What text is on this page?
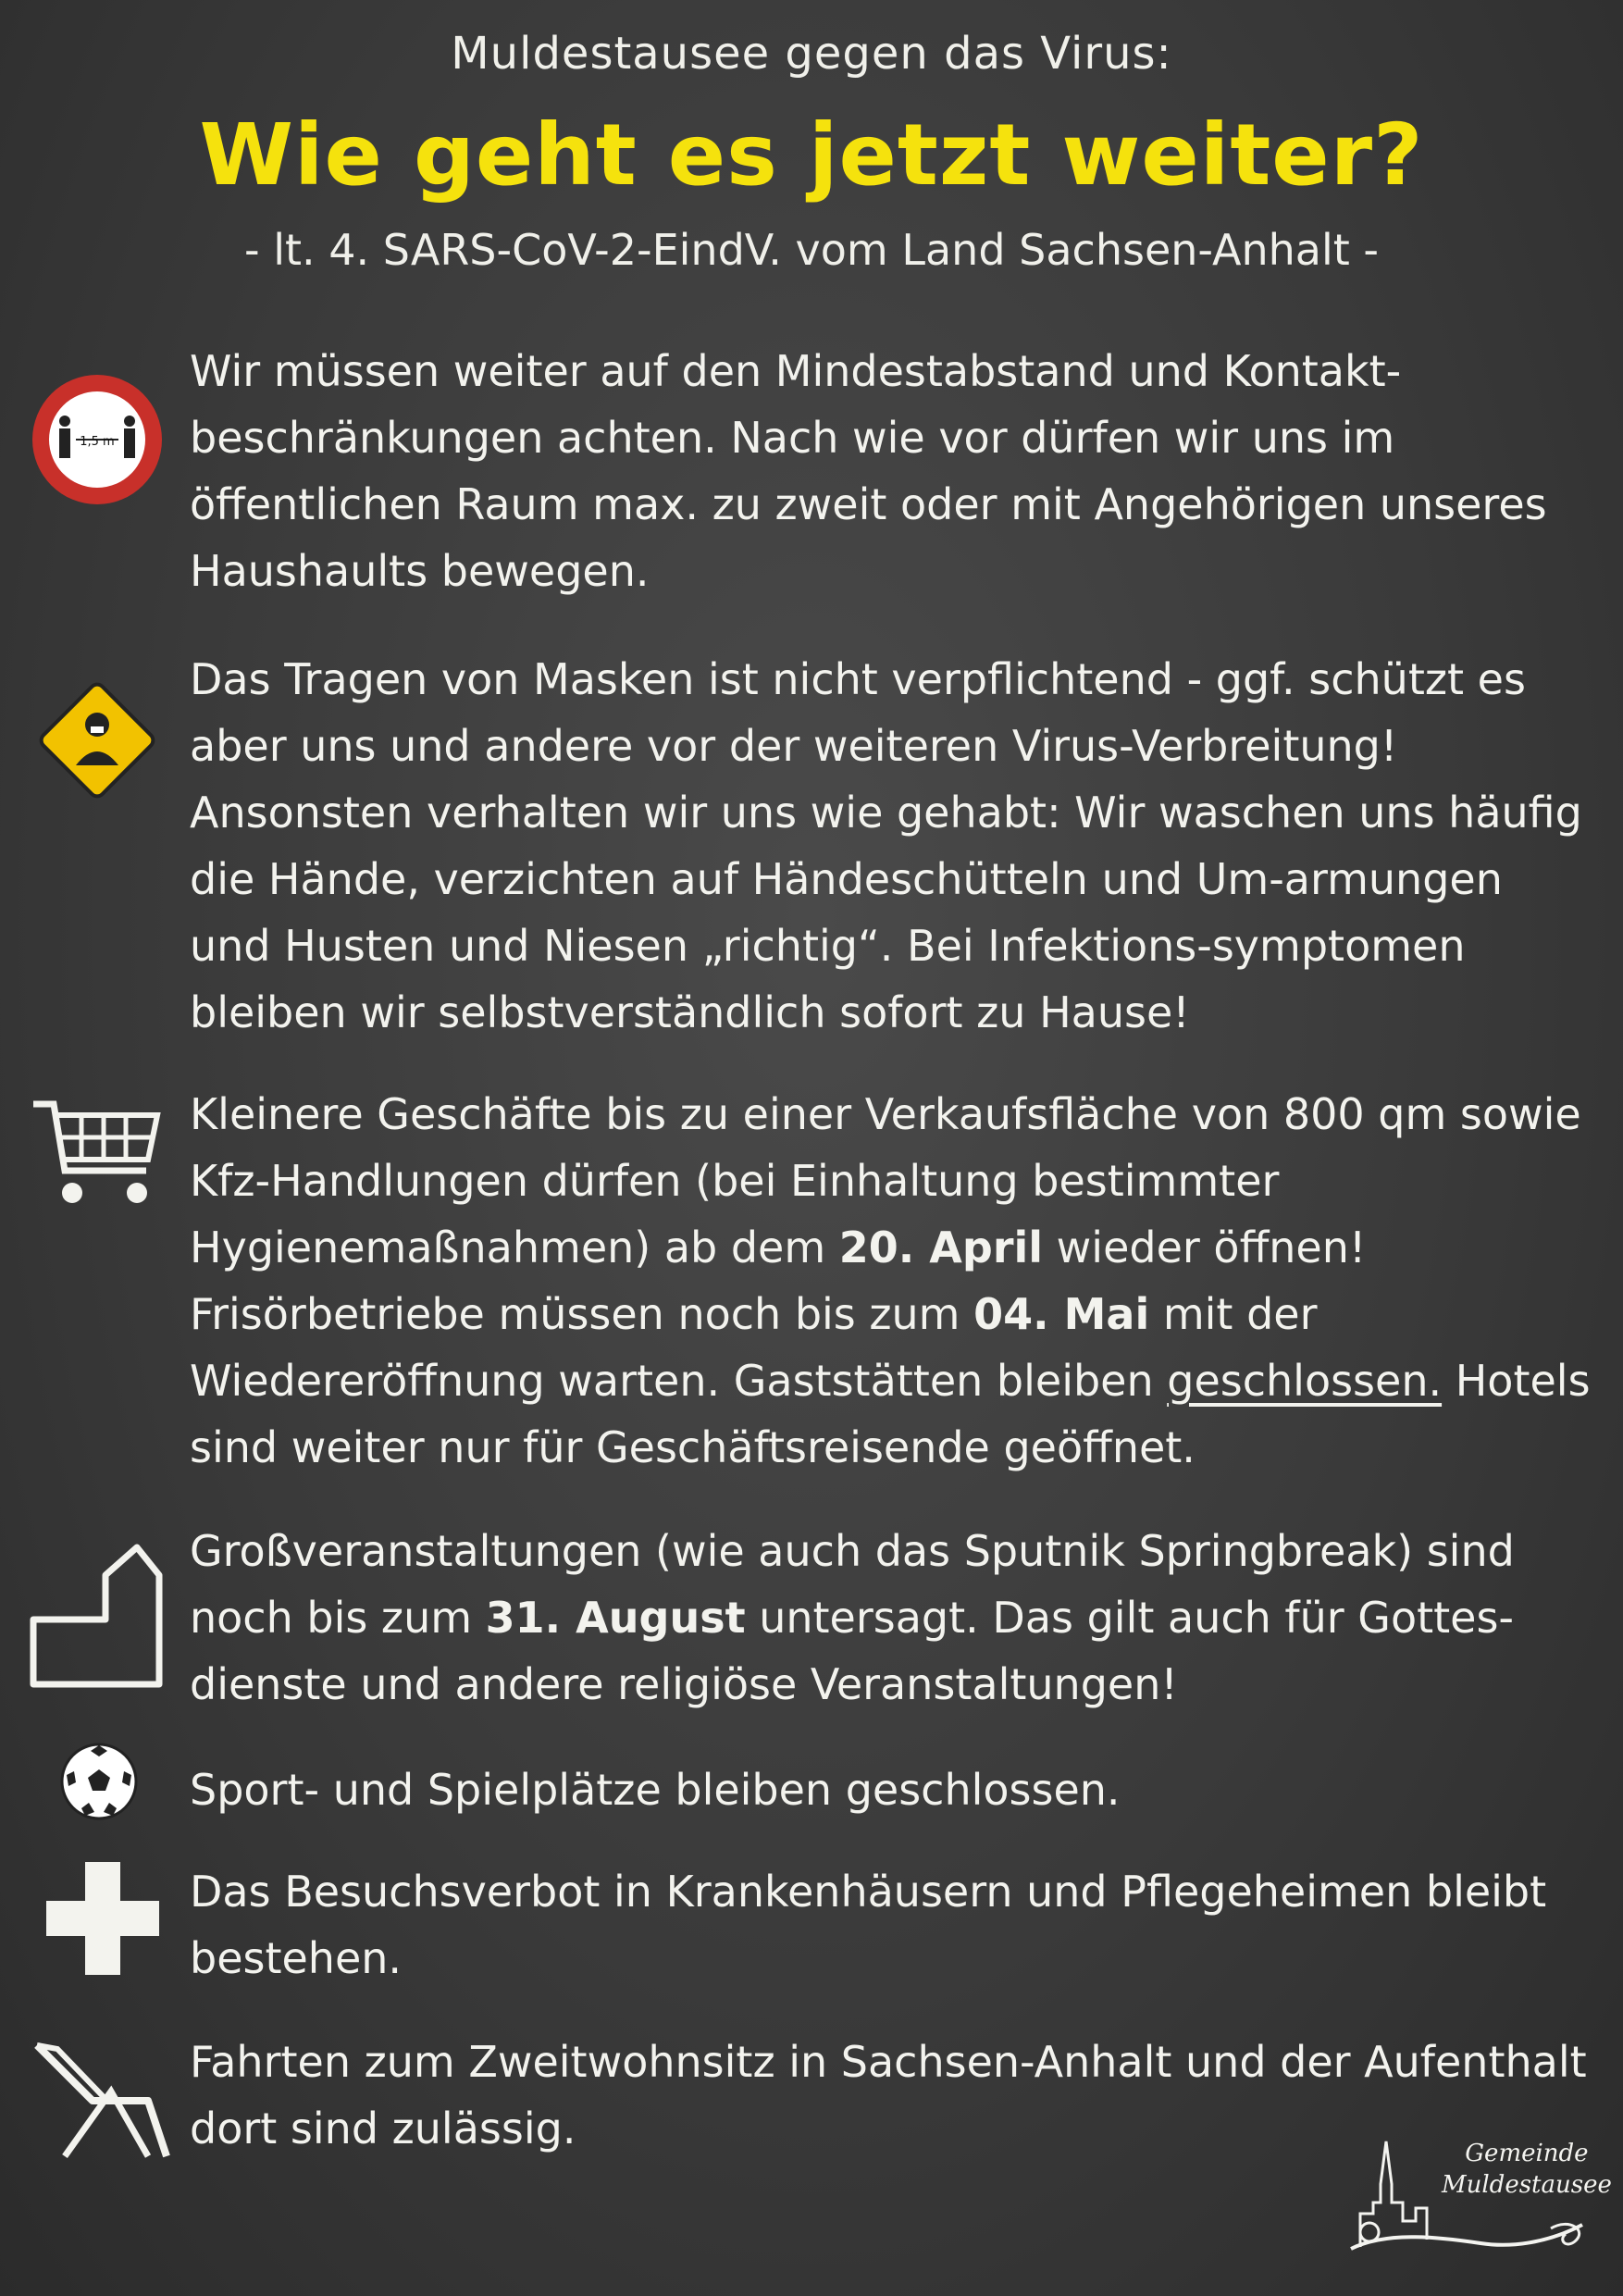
Muldestausee gegen das Virus:
Wie geht es jetzt weiter?
- lt. 4. SARS-CoV-2-EindV. vom Land Sachsen-Anhalt -
1,5 m

Wir müssen weiter auf den Mindestabstand und Kontakt-beschränkungen achten. Nach wie vor dürfen wir uns im öffentlichen Raum max. zu zweit oder mit Angehörigen unseres Haushaults bewegen.

Das Tragen von Masken ist nicht verpflichtend - ggf. schützt es aber uns und andere vor der weiteren Virus-Verbreitung! Ansonsten verhalten wir uns wie gehabt: Wir waschen uns häufig die Hände, verzichten auf Händeschütteln und Um-armungen und Husten und Niesen „richtig“. Bei Infektions-symptomen bleiben wir selbstverständlich sofort zu Hause!

Kleinere Geschäfte bis zu einer Verkaufsfläche von 800 qm sowie Kfz-Handlungen dürfen (bei Einhaltung bestimmter Hygienemaßnahmen) ab dem 20. April wieder öffnen! Frisörbetriebe müssen noch bis zum 04. Mai mit der Wiedereröffnung warten. Gaststätten bleiben geschlossen. Hotels sind weiter nur für Geschäftsreisende geöffnet.

Großveranstaltungen (wie auch das Sputnik Springbreak) sind noch bis zum 31. August untersagt. Das gilt auch für Gottes-dienste und andere religiöse Veranstaltungen!

Sport- und Spielplätze bleiben geschlossen.

Das Besuchsverbot in Krankenhäusern und Pflegeheimen bleibt bestehen.

Fahrten zum Zweitwohnsitz in Sachsen-Anhalt und der Aufenthalt dort sind zulässig.	Gemeinde
Muldestausee
